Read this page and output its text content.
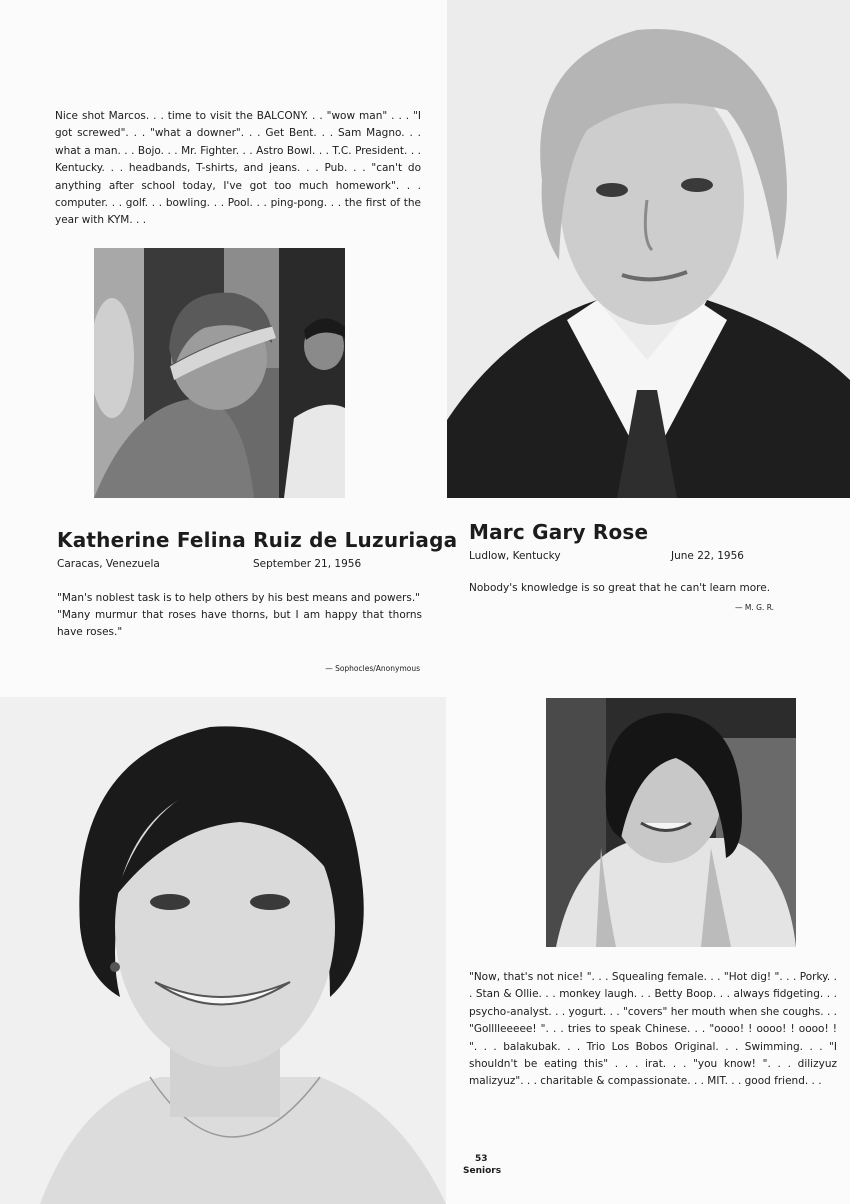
Nice shot Marcos. . . time to visit the BALCONY. . . "wow man" . . . "I got screwed". . . "what a downer". . . Get Bent. . . Sam Magno. . . what a man. . . Bojo. . . Mr. Fighter. . . Astro Bowl. . . T.C. President. . . Kentucky. . . headbands, T-shirts, and jeans. . . Pub. . . "can't do anything after school today, I've got too much homework". . . computer. . . golf. . . bowling. . . Pool. . . ping-pong. . . the first of the year with KYM. . .

Katherine Felina Ruiz de Luzuriaga
Caracas, Venezuela	September 21, 1956

"Man's noblest task is to help others by his best means and powers."

"Many murmur that roses have thorns, but I am happy that thorns have roses."

— Sophocles/Anonymous
Marc Gary Rose
Ludlow, Kentucky	June 22, 1956
Nobody's knowledge is so great that he can't learn more.
— M. G. R.

"Now, that's not nice! ". . . Squealing female. . . "Hot dig! ". . . Porky. . . Stan & Ollie. . . monkey laugh. . . Betty Boop. . . always fidgeting. . . psycho-analyst. . . yogurt. . . "covers" her mouth when she coughs. . . "Golllleeeee! ". . . tries to speak Chinese. . . "oooo! ! oooo! ! oooo! ! ". . . balakubak. . . Trio Los Bobos Original. . . Swimming. . . "I shouldn't be eating this" . . . irat. . . "you know! ". . . dilizyuz malizyuz". . . charitable & compassionate. . . MIT. . . good friend. . .

53
Seniors
